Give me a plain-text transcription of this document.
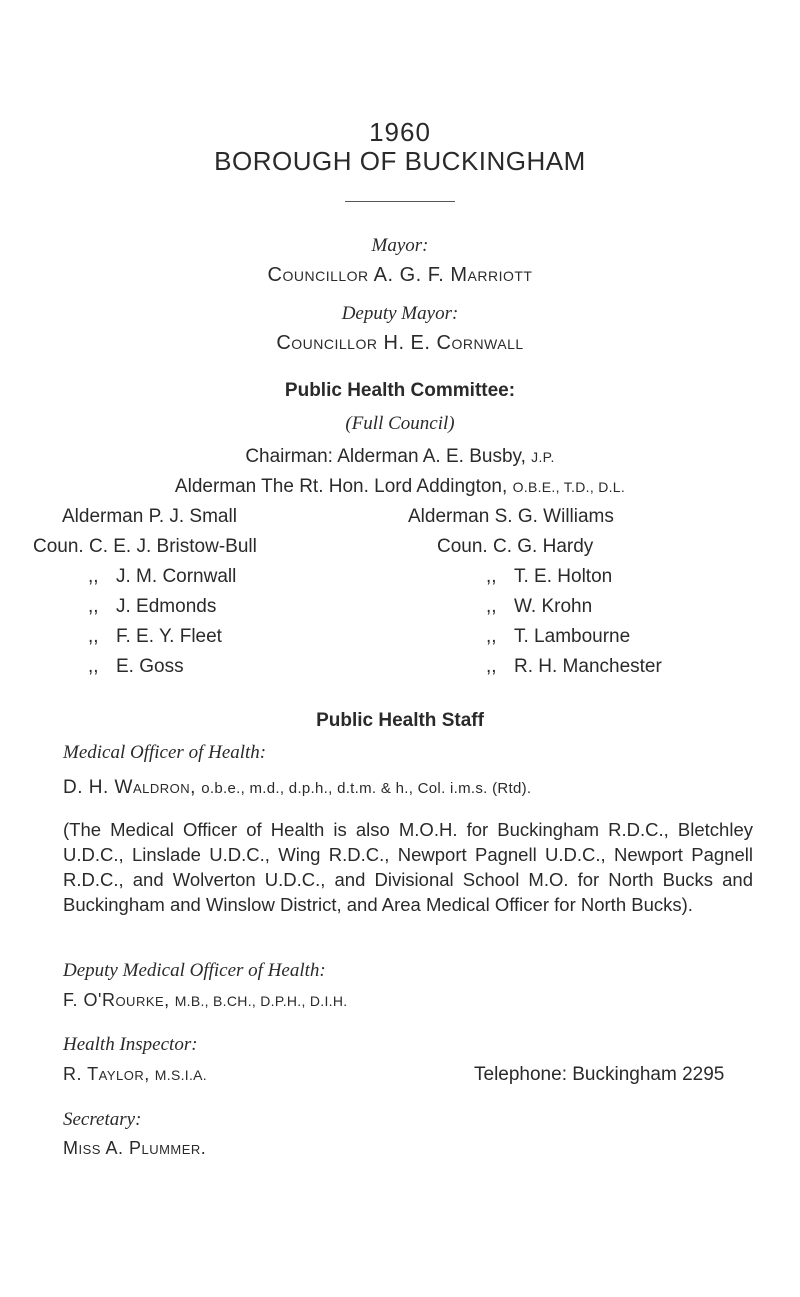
1960
BOROUGH OF BUCKINGHAM
Mayor:
Councillor A. G. F. Marriott
Deputy Mayor:
Councillor H. E. Cornwall
Public Health Committee:
(Full Council)
Chairman: Alderman A. E. Busby, J.P.
Alderman The Rt. Hon. Lord Addington, O.B.E., T.D., D.L.
Alderman P. J. Small
Coun. C. E. J. Bristow-Bull
,, J. M. Cornwall
,, J. Edmonds
,, F. E. Y. Fleet
,, E. Goss
Alderman S. G. Williams
Coun. C. G. Hardy
,, T. E. Holton
,, W. Krohn
,, T. Lambourne
,, R. H. Manchester
Public Health Staff
Medical Officer of Health:
D. H. Waldron, o.b.e., m.d., d.p.h., d.t.m. & h., Col. i.m.s. (Rtd).
(The Medical Officer of Health is also M.O.H. for Buckingham R.D.C., Bletchley U.D.C., Linslade U.D.C., Wing R.D.C., Newport Pagnell U.D.C., Newport Pagnell R.D.C., and Wolverton U.D.C., and Divisional School M.O. for North Bucks and Buckingham and Winslow District, and Area Medical Officer for North Bucks).
Deputy Medical Officer of Health:
F. O'Rourke, M.B., B.CH., D.P.H., D.I.H.
Health Inspector:
R. Taylor, M.S.I.A.	Telephone: Buckingham 2295
Secretary:
Miss A. Plummer.
